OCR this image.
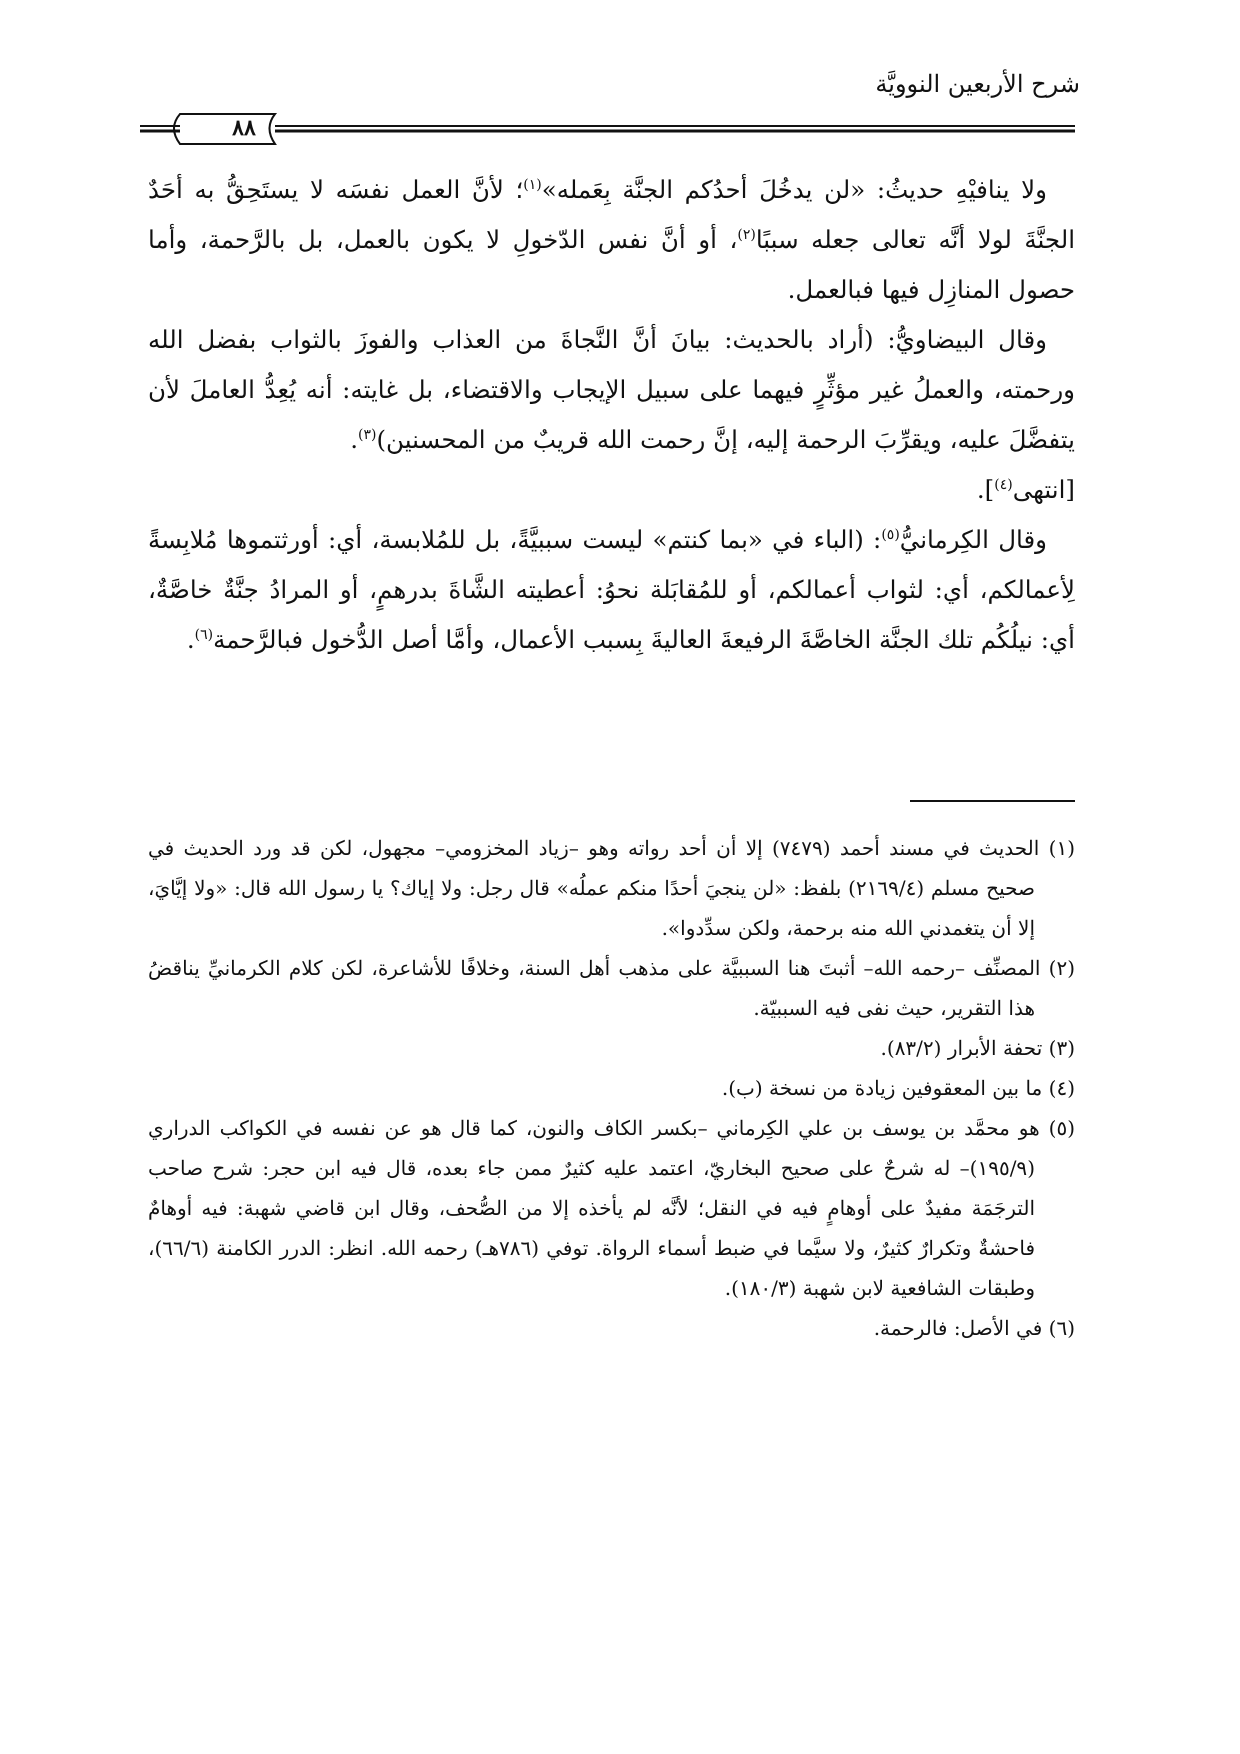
شرح الأربعين النوويَّة
٨٨

ولا ينافيْهِ حديثُ: «لن يدخُلَ أحدُكم الجنَّة بِعَمله»$^{(١)}$؛ لأنَّ العمل نفسَه لا يستَحِقُّ به أحَدٌ الجنَّةَ لولا أنَّه تعالى جعله سببًا$^{(٢)}$، أو أنَّ نفس الدّخولِ لا يكون بالعمل، بل بالرَّحمة، وأما حصول المنازِل فيها فبالعمل.

وقال البيضاويُّ: (أراد بالحديث: بيانَ أنَّ النَّجاةَ من العذاب والفوزَ بالثواب بفضل الله ورحمته، والعملُ غير مؤثِّرٍ فيهما على سبيل الإيجاب والاقتضاء، بل غايته: أنه يُعِدُّ العاملَ لأن يتفضَّلَ عليه، ويقرِّبَ الرحمة إليه، إنَّ رحمت الله قريبٌ من المحسنين)$^{(٣)}$.

[انتهى$^{(٤)}$].

وقال الكِرمانيُّ$^{(٥)}$: (الباء في «بما كنتم» ليست سببيَّةً، بل للمُلابسة، أي: أورثتموها مُلابِسةً لِأعمالكم، أي: لثواب أعمالكم، أو للمُقابَلة نحوُ: أعطيته الشَّاةَ بدرهمٍ، أو المرادُ جنَّةٌ خاصَّةٌ، أي: نيلُكُم تلك الجنَّة الخاصَّةَ الرفيعةَ العاليةَ بِسبب الأعمال، وأمَّا أصل الدُّخول فبالرَّحمة$^{(٦)}$.

(١) الحديث في مسند أحمد (٧٤٧٩) إلا أن أحد رواته وهو –زياد المخزومي– مجهول، لكن قد ورد الحديث في صحيح مسلم (٢١٦٩/٤) بلفظ: «لن ينجيَ أحدًا منكم عملُه» قال رجل: ولا إياك؟ يا رسول الله قال: «ولا إيَّايَ، إلا أن يتغمدني الله منه برحمة، ولكن سدِّدوا».

(٢) المصنِّف –رحمه الله– أثبتَ هنا السببيَّة على مذهب أهل السنة، وخلافًا للأشاعرة، لكن كلام الكرمانيِّ يناقضُ هذا التقرير، حيث نفى فيه السببيّة.

(٣) تحفة الأبرار (٨٣/٢).

(٤) ما بين المعقوفين زيادة من نسخة (ب).

(٥) هو محمَّد بن يوسف بن علي الكِرماني –بكسر الكاف والنون، كما قال هو عن نفسه في الكواكب الدراري (١٩٥/٩)– له شرحٌ على صحيح البخاريّ، اعتمد عليه كثيرٌ ممن جاء بعده، قال فيه ابن حجر: شرح صاحب الترجَمَة مفيدٌ على أوهامٍ فيه في النقل؛ لأنَّه لم يأخذه إلا من الصُّحف، وقال ابن قاضي شهبة: فيه أوهامٌ فاحشةٌ وتكرارٌ كثيرٌ، ولا سيَّما في ضبط أسماء الرواة. توفي (٧٨٦هـ) رحمه الله. انظر: الدرر الكامنة (٦٦/٦)، وطبقات الشافعية لابن شهبة (١٨٠/٣).

(٦) في الأصل: فالرحمة.
